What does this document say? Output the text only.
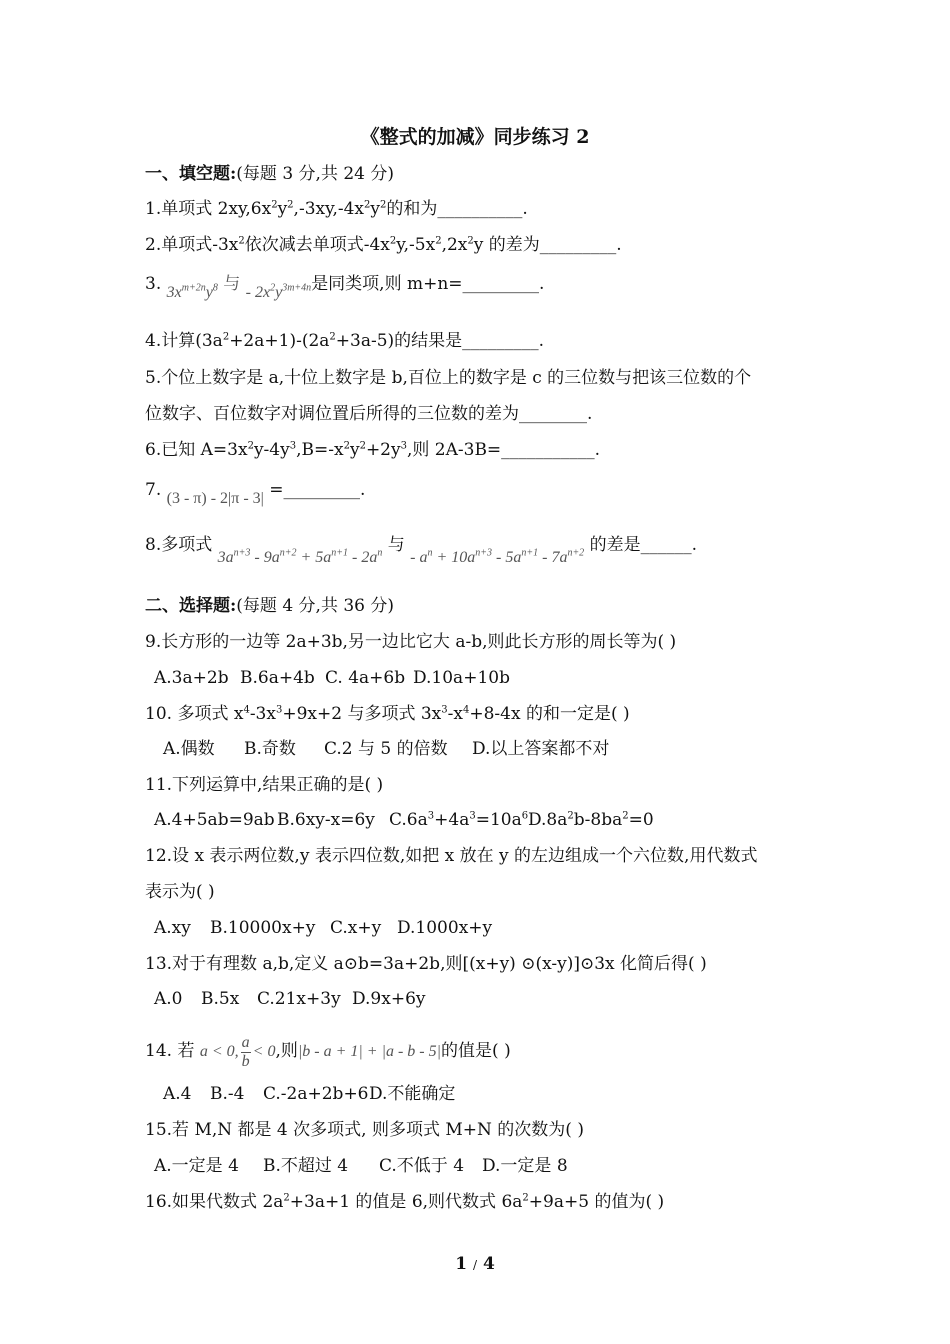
《整式的加减》同步练习 2
一、填空题:(每题 3 分,共 24 分)
1.单项式 $2xy,6x^2y^2,-3xy,-4x^2y^2$的和为__________.
2.单项式$-3x^2$依次减去单项式$-4x^2y,-5x^2,2x^2y$ 的差为_________.
3. $3x^{m+2n}y^8$ 与 - $2x^2y^{3m+4n}$是同类项,则 m+n=_________.
4.计算$(3a^2+2a+1)-(2a^2+3a-5)$的结果是_________.
5.个位上数字是 a,十位上数字是 b,百位上的数字是 c 的三位数与把该三位数的个
位数字、百位数字对调位置后所得的三位数的差为________.
6.已知 $A=3x^2y-4y^3,B=-x^2y^2+2y^3$,则 2A-3B=___________.
7. (3 - π) - 2|π - 3| =_________.
8.多项式 $3a^{n+3} - 9a^{n+2} + 5a^{n+1} - 2a^n$ 与 - $a^n + 10a^{n+3} - 5a^{n+1} - 7a^{n+2}$ 的差是______.
二、选择题:(每题 4 分,共 36 分)
9.长方形的一边等 2a+3b,另一边比它大 a-b,则此长方形的周长等为( )
A.3a+2b B.6a+4b C. 4a+6b D.10a+10b
10. 多项式 $x^4-3x^3+9x+2$ 与多项式 $3x^3-x^4+8-4x$ 的和一定是( )
A.偶数 B.奇数 C.2 与 5 的倍数 D.以上答案都不对
11.下列运算中,结果正确的是( )
A.4+5ab=9ab B.6xy-x=6y $C.6a^3+4a^3=10a^6$ $D.8a^2b-8ba^2=0$
12.设 x 表示两位数,y 表示四位数,如把 x 放在 y 的左边组成一个六位数,用代数式
表示为( )
A.xy B.10000x+y C.x+y D.1000x+y
13.对于有理数 a,b,定义 a⊙b=3a+2b,则[(x+y) ⊙(x-y)]⊙3x 化简后得( )
A.0 B.5x C.21x+3y D.9x+6y
14. 若 a < 0, $\frac{a}{b} < 0$,则|b - a + 1| + |a - b - 5|的值是( )
A.4 B.-4 C.-2a+2b+6 D.不能确定
15.若 M,N 都是 4 次多项式, 则多项式 M+N 的次数为( )
A.一定是 4 B.不超过 4 C.不低于 4 D.一定是 8
16.如果代数式 $2a^2+3a+1$ 的值是 6,则代数式 $6a^2+9a+5$ 的值为( )
1 / 4
